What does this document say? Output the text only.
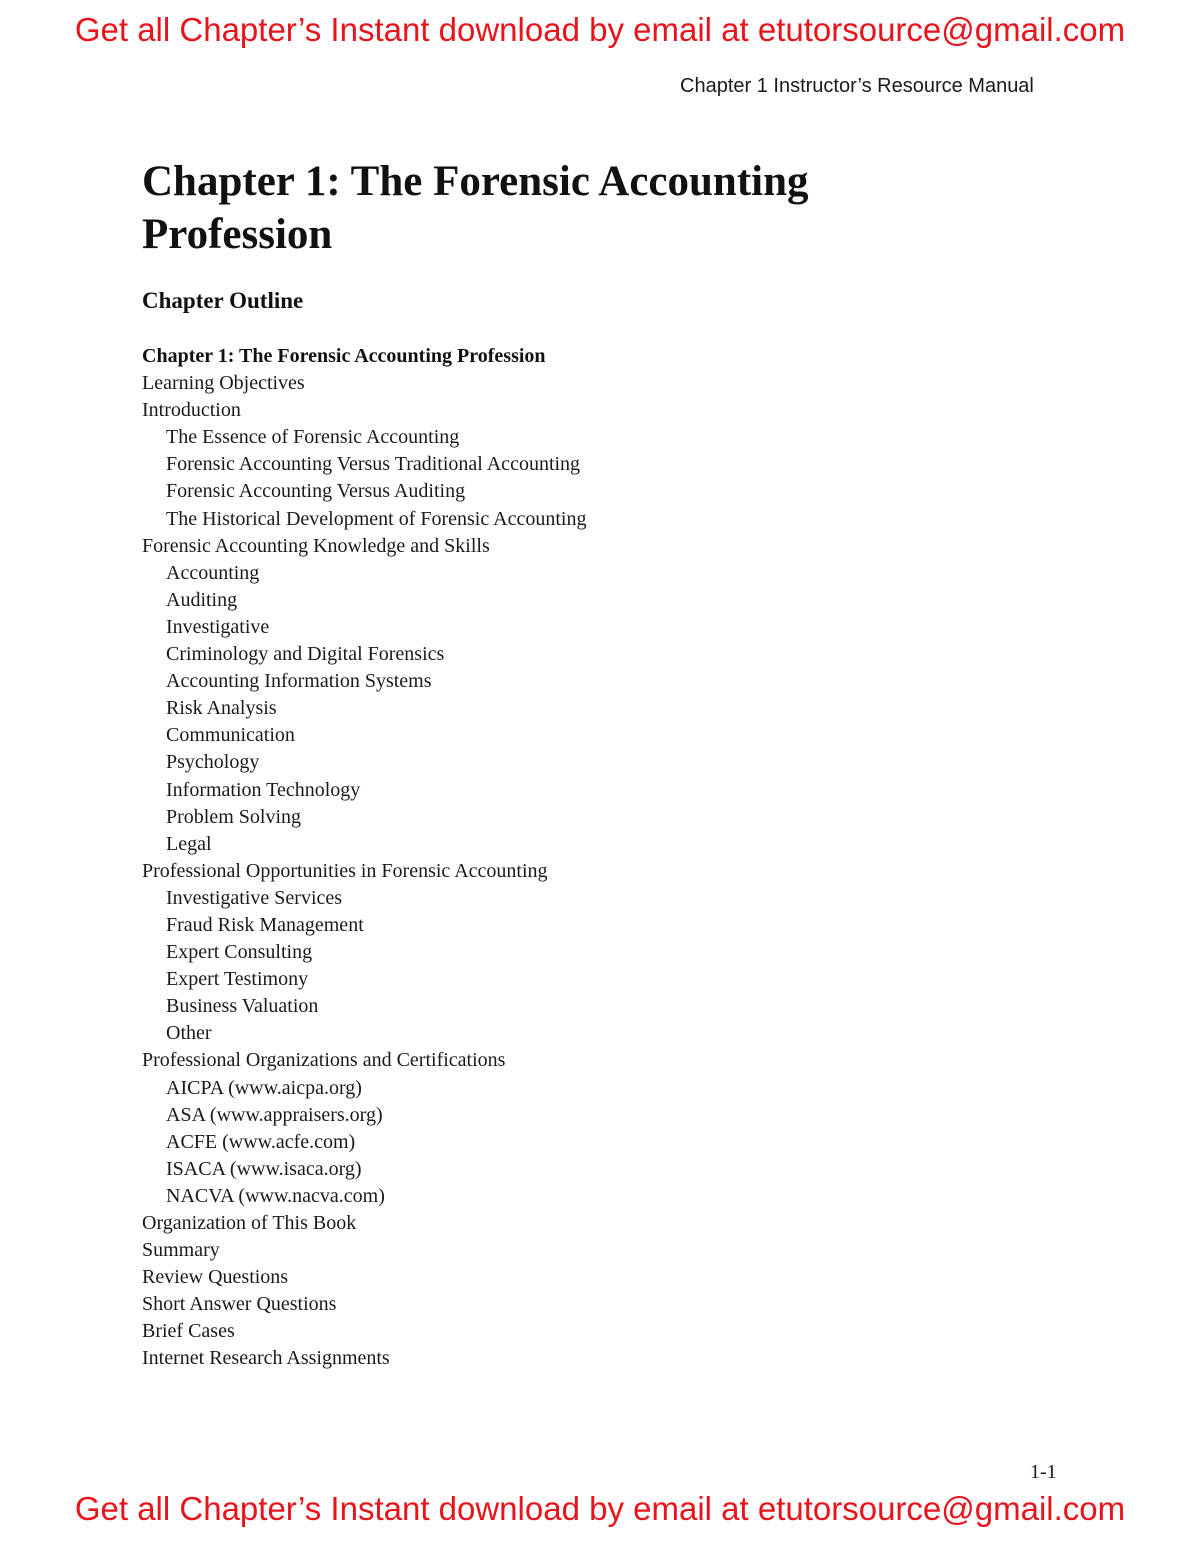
Get all Chapter’s Instant download by email at etutorsource@gmail.com
Chapter 1 Instructor’s Resource Manual
Chapter 1: The Forensic Accounting Profession
Chapter Outline
Chapter 1: The Forensic Accounting Profession
Learning Objectives
Introduction
The Essence of Forensic Accounting
Forensic Accounting Versus Traditional Accounting
Forensic Accounting Versus Auditing
The Historical Development of Forensic Accounting
Forensic Accounting Knowledge and Skills
Accounting
Auditing
Investigative
Criminology and Digital Forensics
Accounting Information Systems
Risk Analysis
Communication
Psychology
Information Technology
Problem Solving
Legal
Professional Opportunities in Forensic Accounting
Investigative Services
Fraud Risk Management
Expert Consulting
Expert Testimony
Business Valuation
Other
Professional Organizations and Certifications
AICPA (www.aicpa.org)
ASA (www.appraisers.org)
ACFE (www.acfe.com)
ISACA (www.isaca.org)
NACVA (www.nacva.com)
Organization of This Book
Summary
Review Questions
Short Answer Questions
Brief Cases
Internet Research Assignments
1-1
Get all Chapter’s Instant download by email at etutorsource@gmail.com
